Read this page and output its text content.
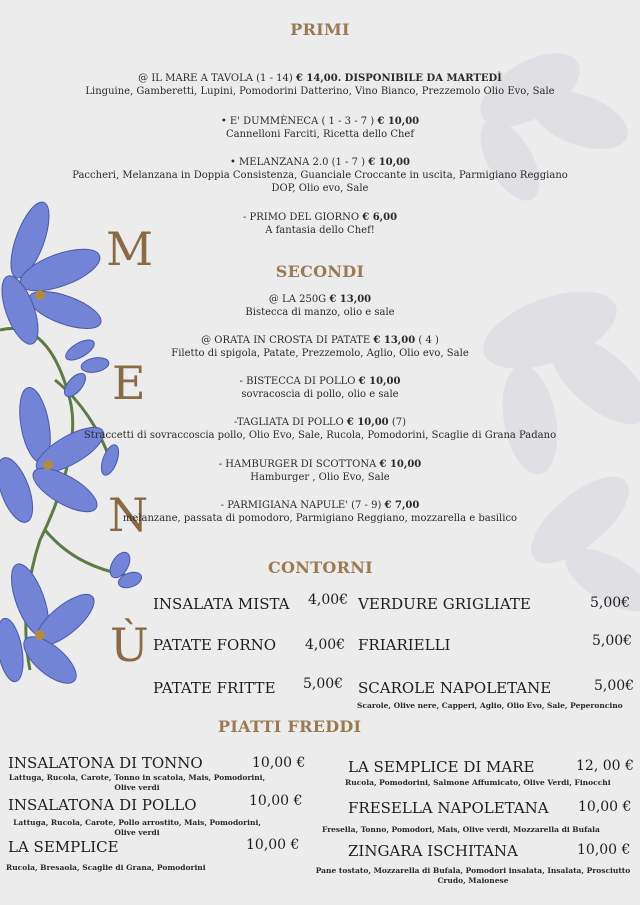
M
E
N
Ù
PRIMI
@ IL MARE A TAVOLA (1 - 14) € 14,00. DISPONIBILE DA MARTEDÌ
Linguine, Gamberetti, Lupini, Pomodorini Datterino, Vino Bianco, Prezzemolo Olio Evo, Sale
• E' DUMMÈNECA ( 1 - 3 - 7 ) € 10,00
Cannelloni Farciti, Ricetta dello Chef
• MELANZANA 2.0 (1 - 7 ) € 10,00
Paccheri, Melanzana in Doppia Consistenza, Guanciale Croccante in uscita, Parmigiano Reggiano DOP, Olio evo, Sale
- PRIMO DEL GIORNO € 6,00
A fantasia dello Chef!
SECONDI
@ LA 250G € 13,00
Bistecca di manzo, olio e sale
@ ORATA IN CROSTA DI PATATE € 13,00 ( 4 )
Filetto di spigola, Patate, Prezzemolo, Aglio, Olio evo, Sale
- BISTECCA DI POLLO € 10,00
sovracoscia di pollo, olio e sale
-TAGLIATA DI POLLO € 10,00 (7)
Straccetti di sovraccoscia pollo, Olio Evo, Sale, Rucola, Pomodorini, Scaglie di Grana Padano
- HAMBURGER DI SCOTTONA € 10,00
Hamburger , Olio Evo, Sale
- PARMIGIANA NAPULE' (7 - 9) € 7,00
melanzane, passata di pomodoro, Parmigiano Reggiano, mozzarella e basilico
CONTORNI
INSALATA MISTA 4,00€
PATATE FORNO 4,00€
PATATE FRITTE 5,00€
VERDURE GRIGLIATE	5,00€
FRIARIELLI	5,00€
SCAROLE NAPOLETANE	5,00€
Scarole, Olive nere, Capperi, Aglio, Olio Evo, Sale, Peperoncino
PIATTI FREDDI
INSALATONA DI TONNO	10,00 €
Lattuga, Rucola, Carote, Tonno in scatola, Mais, Pomodorini, Olive verdi
INSALATONA DI POLLO	10,00 €
Lattuga, Rucola, Carote, Pollo arrostito, Mais, Pomodorini, Olive verdi
LA SEMPLICE	10,00 €
Rucola, Bresaola, Scaglie di Grana, Pomodorini
LA SEMPLICE DI MARE	12, 00 €
Rucola, Pomodorini, Salmone Affumicato, Olive Verdi, Finocchi
FRESELLA NAPOLETANA 10,00 €
Fresella, Tonno, Pomodori, Mais, Olive verdi, Mozzarella di Bufala
ZINGARA ISCHITANA	10,00 €
Pane tostato, Mozzarella di Bufala, Pomodori insalata, Insalata, Prosciutto Crudo, Maionese
